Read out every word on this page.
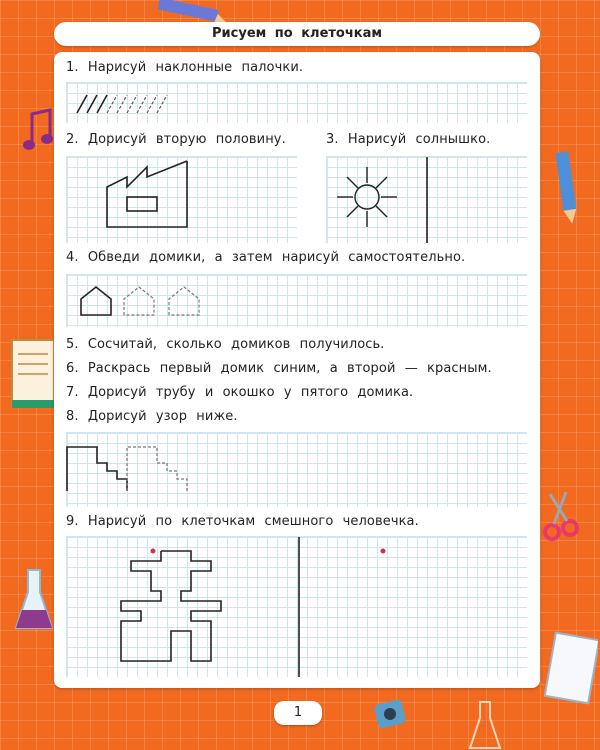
Рисуем по клеточкам
1. Нарисуй наклонные палочки.
2. Дорисуй вторую половину.	3. Нарисуй солнышко.
4. Обведи домики, а затем нарисуй самостоятельно.
5. Сосчитай, сколько домиков получилось.
6. Раскрась первый домик синим, а второй — красным.
7. Дорисуй трубу и окошко у пятого домика.
8. Дорисуй узор ниже.
9. Нарисуй по клеточкам смешного человечка.
1
